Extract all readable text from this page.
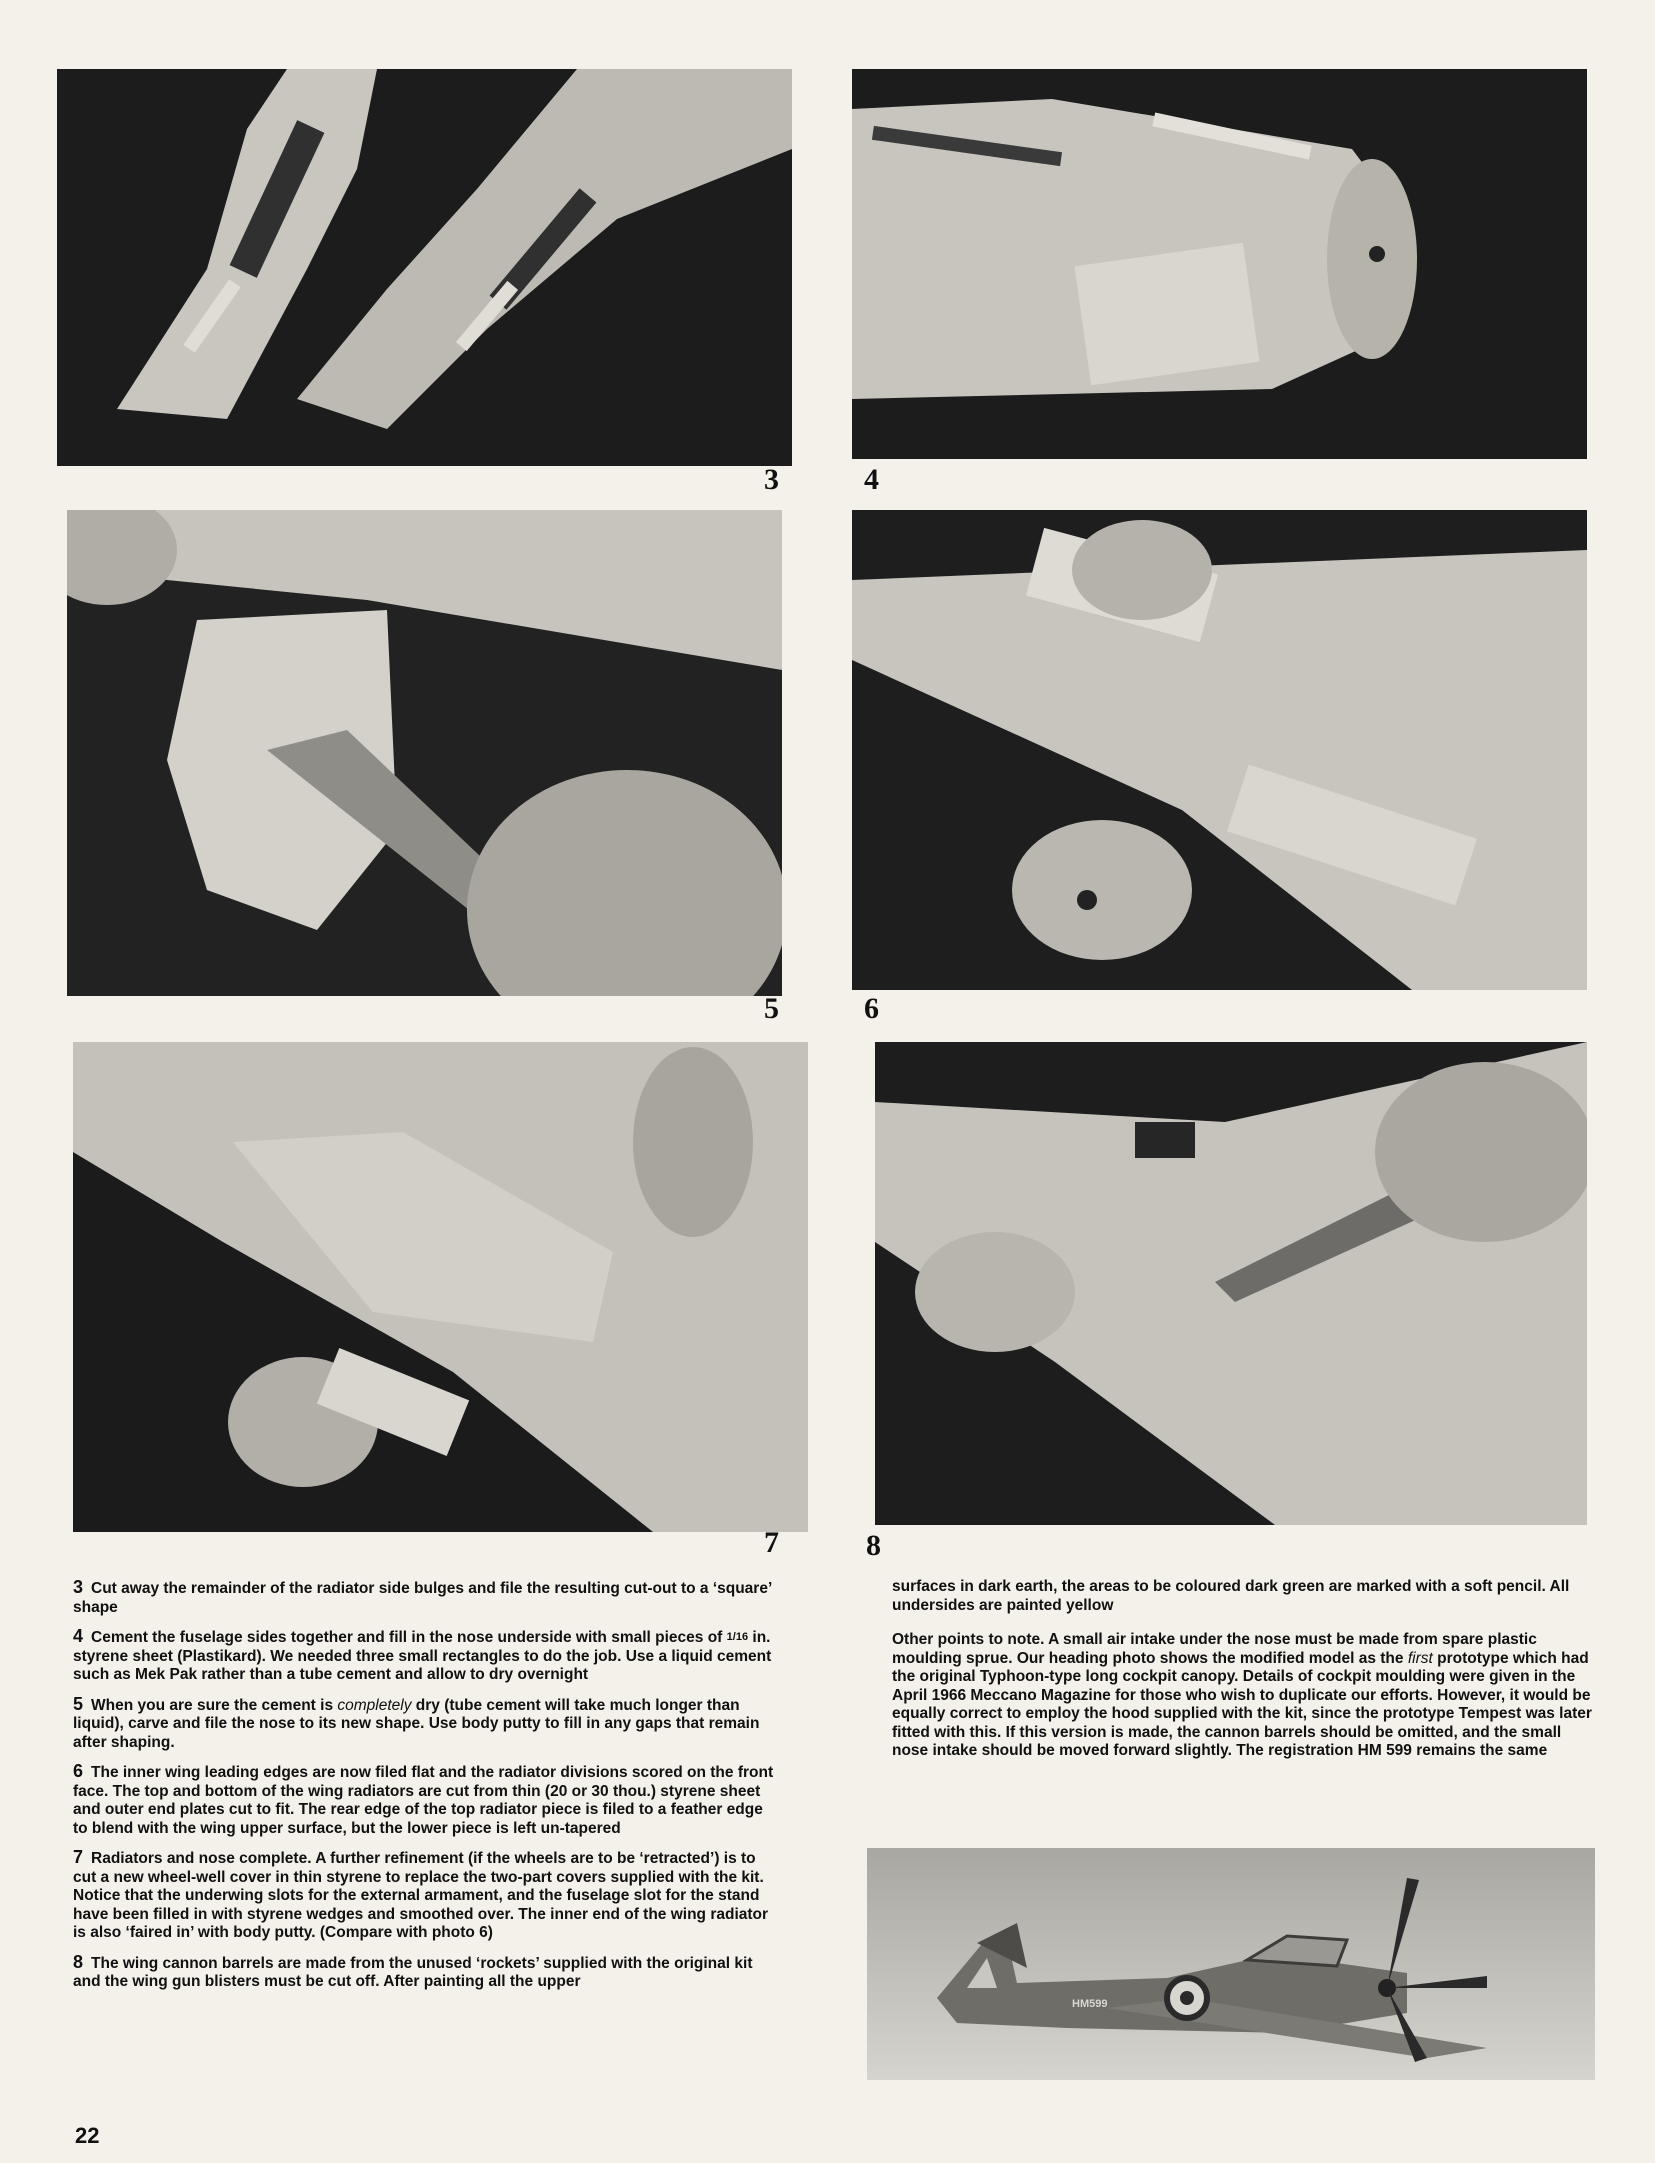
3	4
5	6
7	8

3 Cut away the remainder of the radiator side bulges and file the resulting cut-out to a ‘square’ shape

4 Cement the fuselage sides together and fill in the nose underside with small pieces of 1/16 in. styrene sheet (Plastikard). We needed three small rectangles to do the job. Use a liquid cement such as Mek Pak rather than a tube cement and allow to dry overnight

5 When you are sure the cement is completely dry (tube cement will take much longer than liquid), carve and file the nose to its new shape. Use body putty to fill in any gaps that remain after shaping.

6 The inner wing leading edges are now filed flat and the radiator divisions scored on the front face. The top and bottom of the wing radiators are cut from thin (20 or 30 thou.) styrene sheet and outer end plates cut to fit. The rear edge of the top radiator piece is filed to a feather edge to blend with the wing upper surface, but the lower piece is left un-tapered

7 Radiators and nose complete. A further refinement (if the wheels are to be ‘retracted’) is to cut a new wheel-well cover in thin styrene to replace the two-part covers supplied with the kit. Notice that the underwing slots for the external armament, and the fuselage slot for the stand have been filled in with styrene wedges and smoothed over. The inner end of the wing radiator is also ‘faired in’ with body putty. (Compare with photo 6)

8 The wing cannon barrels are made from the unused ‘rockets’ supplied with the original kit and the wing gun blisters must be cut off. After painting all the upper

surfaces in dark earth, the areas to be coloured dark green are marked with a soft pencil. All undersides are painted yellow

Other points to note. A small air intake under the nose must be made from spare plastic moulding sprue. Our heading photo shows the modified model as the first prototype which had the original Typhoon-type long cockpit canopy. Details of cockpit moulding were given in the April 1966 Meccano Magazine for those who wish to duplicate our efforts. However, it would be equally correct to employ the hood supplied with the kit, since the prototype Tempest was later fitted with this. If this version is made, the cannon barrels should be omitted, and the small nose intake should be moved forward slightly. The registration HM 599 remains the same

HM599
22
